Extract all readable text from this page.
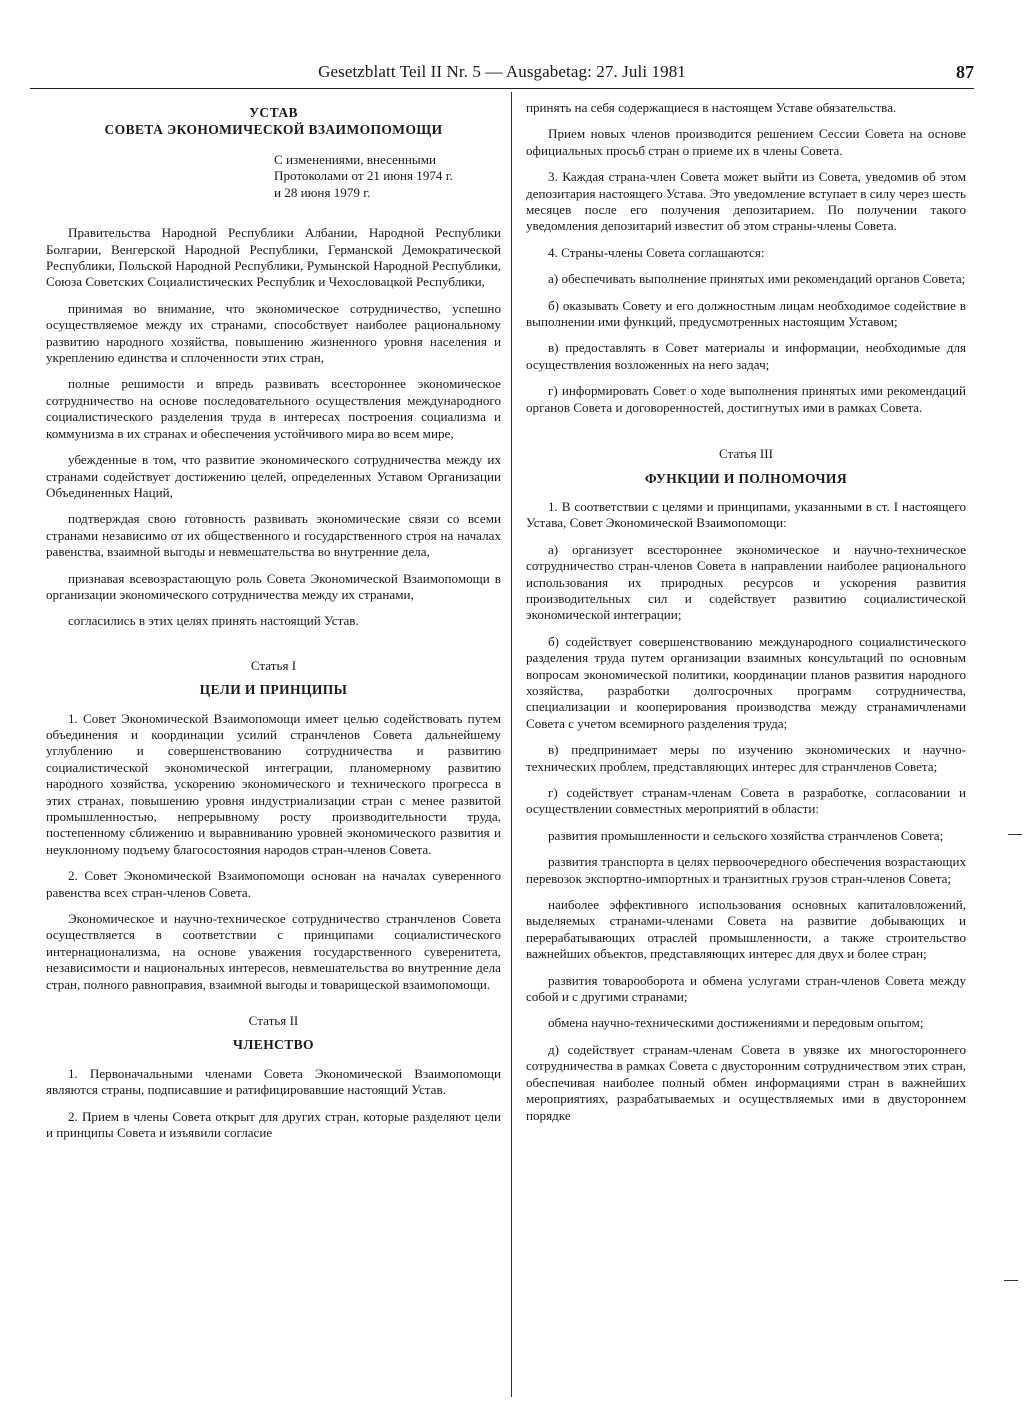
Gesetzblatt Teil II Nr. 5 — Ausgabetag: 27. Juli 1981	87
УСТАВ
СОВЕТА ЭКОНОМИЧЕСКОЙ ВЗАИМОПОМОЩИ
С изменениями, внесенными
Протоколами от 21 июня 1974 г.
и 28 июня 1979 г.

Правительства Народной Республики Албании, Народной Республики Болгарии, Венгерской Народной Республики, Германской Демократической Республики, Польской Народной Республики, Румынской Народной Республики, Союза Советских Социалистических Республик и Чехословацкой Республики,

принимая во внимание, что экономическое сотрудничество, успешно осуществляемое между их странами, способствует наиболее рациональному развитию народного хозяйства, повышению жизненного уровня населения и укреплению единства и сплоченности этих стран,

полные решимости и впредь развивать всестороннее экономическое сотрудничество на основе последовательного осуществления международного социалистического разделения труда в интересах построения социализма и коммунизма в их странах и обеспечения устойчивого мира во всем мире,

убежденные в том, что развитие экономического сотрудничества между их странами содействует достижению целей, определенных Уставом Организации Объединенных Наций,

подтверждая свою готовность развивать экономические связи со всеми странами независимо от их общественного и государственного строя на началах равенства, взаимной выгоды и невмешательства во внутренние дела,

признавая всевозрастающую роль Совета Экономической Взаимопомощи в организации экономического сотрудничества между их странами,

согласились в этих целях принять настоящий Устав.

Статья I
ЦЕЛИ И ПРИНЦИПЫ

1. Совет Экономической Взаимопомощи имеет целью содействовать путем объединения и координации усилий странчленов Совета дальнейшему углублению и совершенствованию сотрудничества и развитию социалистической экономической интеграции, планомерному развитию народного хозяйства, ускорению экономического и технического прогресса в этих странах, повышению уровня индустриализации стран с менее развитой промышленностью, непрерывному росту производительности труда, постепенному сближению и выравниванию уровней экономического развития и неуклонному подъему благосостояния народов стран-членов Совета.

2. Совет Экономической Взаимопомощи основан на началах суверенного равенства всех стран-членов Совета.

Экономическое и научно-техническое сотрудничество странчленов Совета осуществляется в соответствии с принципами социалистического интернационализма, на основе уважения государственного суверенитета, независимости и национальных интересов, невмешательства во внутренние дела стран, полного равноправия, взаимной выгоды и товарищеской взаимопомощи.

Статья II
ЧЛЕНСТВО

1. Первоначальными членами Совета Экономической Взаимопомощи являются страны, подписавшие и ратифицировавшие настоящий Устав.

2. Прием в члены Совета открыт для других стран, которые разделяют цели и принципы Совета и изъявили согласие

принять на себя содержащиеся в настоящем Уставе обязательства.

Прием новых членов производится решением Сессии Совета на основе официальных просьб стран о приеме их в члены Совета.

3. Каждая страна-член Совета может выйти из Совета, уведомив об этом депозитария настоящего Устава. Это уведомление вступает в силу через шесть месяцев после его получения депозитарием. По получении такого уведомления депозитарий известит об этом страны-члены Совета.

4. Страны-члены Совета соглашаются:

а) обеспечивать выполнение принятых ими рекомендаций органов Совета;

б) оказывать Совету и его должностным лицам необходимое содействие в выполнении ими функций, предусмотренных настоящим Уставом;

в) предоставлять в Совет материалы и информации, необходимые для осуществления возложенных на него задач;

г) информировать Совет о ходе выполнения принятых ими рекомендаций органов Совета и договоренностей, достигнутых ими в рамках Совета.

Статья III
ФУНКЦИИ И ПОЛНОМОЧИЯ

1. В соответствии с целями и принципами, указанными в ст. I настоящего Устава, Совет Экономической Взаимопомощи:

а) организует всестороннее экономическое и научно-техническое сотрудничество стран-членов Совета в направлении наиболее рационального использования их природных ресурсов и ускорения развития производительных сил и содействует развитию социалистической экономической интеграции;

б) содействует совершенствованию международного социалистического разделения труда путем организации взаимных консультаций по основным вопросам экономической политики, координации планов развития народного хозяйства, разработки долгосрочных программ сотрудничества, специализации и кооперирования производства между странамичленами Совета с учетом всемирного разделения труда;

в) предпринимает меры по изучению экономических и научно-технических проблем, представляющих интерес для странчленов Совета;

г) содействует странам-членам Совета в разработке, согласовании и осуществлении совместных мероприятий в области:

развития промышленности и сельского хозяйства странчленов Совета;

развития транспорта в целях первоочередного обеспечения возрастающих перевозок экспортно-импортных и транзитных грузов стран-членов Совета;

наиболее эффективного использования основных капиталовложений, выделяемых странами-членами Совета на развитие добывающих и перерабатывающих отраслей промышленности, а также строительство важнейших объектов, представляющих интерес для двух и более стран;

развития товарооборота и обмена услугами стран-членов Совета между собой и с другими странами;

обмена научно-техническими достижениями и передовым опытом;

д) содействует странам-членам Совета в увязке их многостороннего сотрудничества в рамках Совета с двусторонним сотрудничеством этих стран, обеспечивая наиболее полный обмен информациями стран в важнейших мероприятиях, разрабатываемых и осуществляемых ими в двустороннем порядке
